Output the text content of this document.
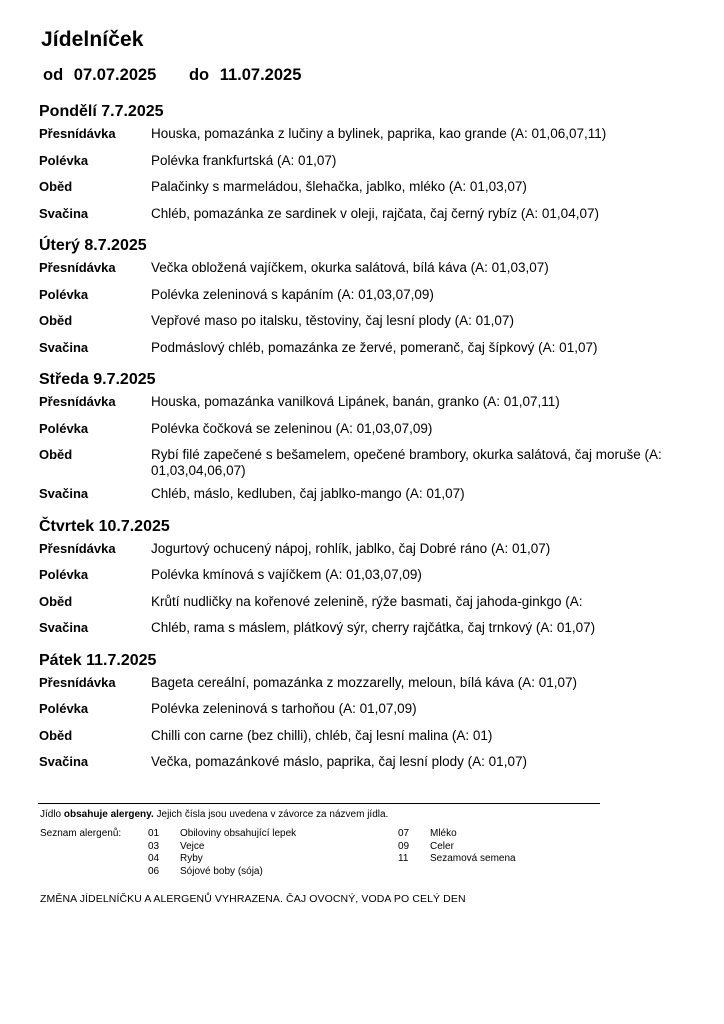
Jídelníček
od 07.07.2025 do 11.07.2025
Pondělí 7.7.2025
Přesnídávka	Houska, pomazánka z lučiny a bylinek, paprika, kao grande (A: 01,06,07,11)
Polévka	Polévka frankfurtská (A: 01,07)
Oběd	Palačinky s marmeládou, šlehačka, jablko, mléko (A: 01,03,07)
Svačina	Chléb, pomazánka ze sardinek v oleji, rajčata, čaj černý rybíz (A: 01,04,07)
Úterý 8.7.2025
Přesnídávka	Večka obložená vajíčkem, okurka salátová, bílá káva (A: 01,03,07)
Polévka	Polévka zeleninová s kapáním (A: 01,03,07,09)
Oběd	Vepřové maso po italsku, těstoviny, čaj lesní plody (A: 01,07)
Svačina	Podmáslový chléb, pomazánka ze žervé, pomeranč, čaj šípkový (A: 01,07)
Středa 9.7.2025
Přesnídávka	Houska, pomazánka vanilková Lipánek, banán, granko (A: 01,07,11)
Polévka	Polévka čočková se zeleninou (A: 01,03,07,09)
Oběd	Rybí filé zapečené s bešamelem, opečené brambory, okurka salátová, čaj moruše (A: 01,03,04,06,07)
Svačina	Chléb, máslo, kedluben, čaj jablko-mango (A: 01,07)
Čtvrtek 10.7.2025
Přesnídávka	Jogurtový ochucený nápoj, rohlík, jablko, čaj Dobré ráno (A: 01,07)
Polévka	Polévka kmínová s vajíčkem (A: 01,03,07,09)
Oběd	Krůtí nudličky na kořenové zelenině, rýže basmati, čaj jahoda-ginkgo (A:
Svačina	Chléb, rama s máslem, plátkový sýr, cherry rajčátka, čaj trnkový (A: 01,07)
Pátek 11.7.2025
Přesnídávka	Bageta cereální, pomazánka z mozzarelly, meloun, bílá káva (A: 01,07)
Polévka	Polévka zeleninová s tarhoňou (A: 01,07,09)
Oběd	Chilli con carne (bez chilli), chléb, čaj lesní malina (A: 01)
Svačina	Večka, pomazánkové máslo, paprika, čaj lesní plody (A: 01,07)
Jídlo obsahuje alergeny. Jejich čísla jsou uvedena v závorce za názvem jídla.
Seznam alergenů:	01	Obiloviny obsahující lepek
03	Vejce
04	Ryby
06	Sójové boby (sója)
07	Mléko
09	Celer
11	Sezamová semena
ZMĚNA JÍDELNÍČKU A ALERGENŮ VYHRAZENA. ČAJ OVOCNÝ, VODA PO CELÝ DEN
